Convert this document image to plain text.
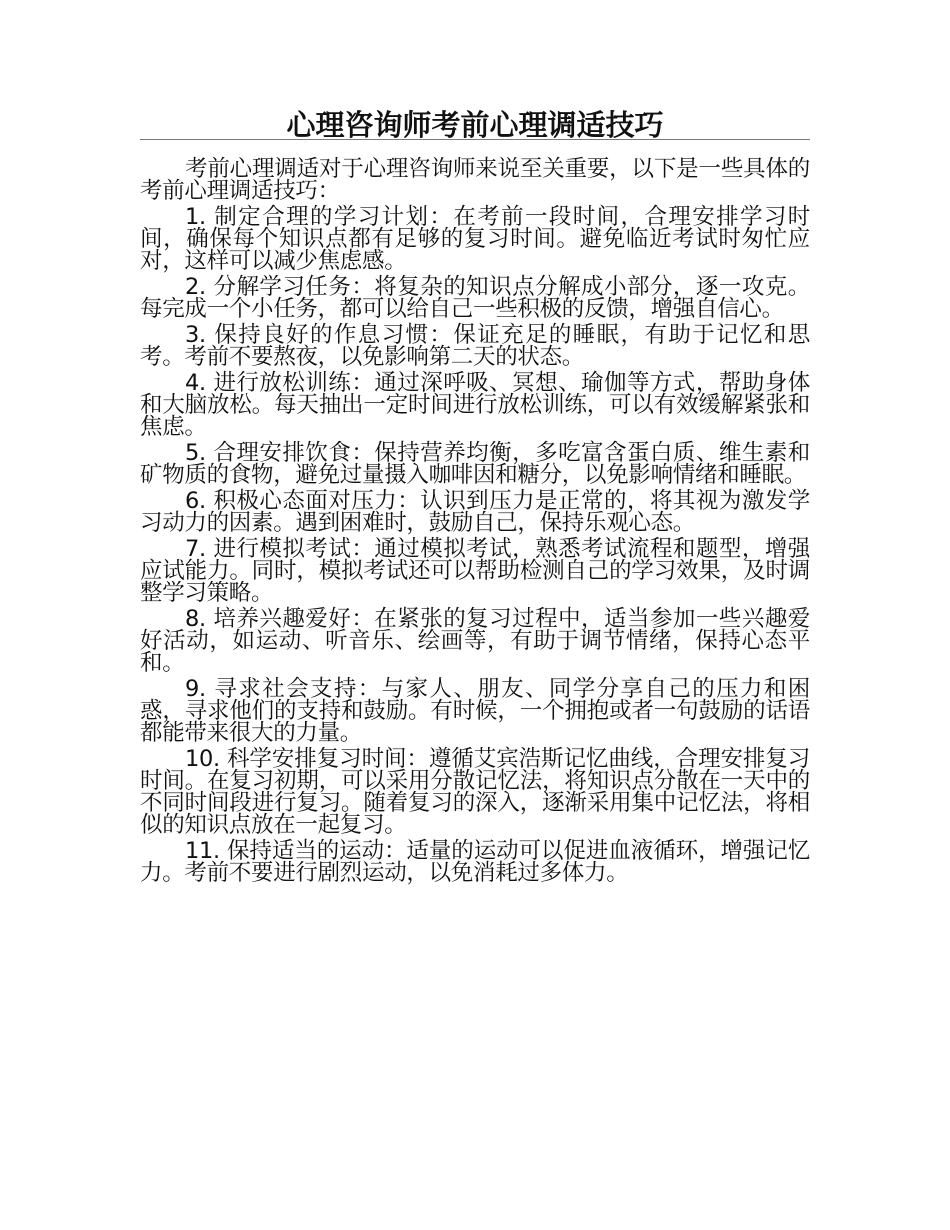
心理咨询师考前心理调适技巧

考前心理调适对于心理咨询师来说至关重要，以下是一些具体的考前心理调适技巧：

1. 制定合理的学习计划：在考前一段时间，合理安排学习时间，确保每个知识点都有足够的复习时间。避免临近考试时匆忙应对，这样可以减少焦虑感。

2. 分解学习任务：将复杂的知识点分解成小部分，逐一攻克。每完成一个小任务，都可以给自己一些积极的反馈，增强自信心。

3. 保持良好的作息习惯：保证充足的睡眠，有助于记忆和思考。考前不要熬夜，以免影响第二天的状态。

4. 进行放松训练：通过深呼吸、冥想、瑜伽等方式，帮助身体和大脑放松。每天抽出一定时间进行放松训练，可以有效缓解紧张和焦虑。

5. 合理安排饮食：保持营养均衡，多吃富含蛋白质、维生素和矿物质的食物，避免过量摄入咖啡因和糖分，以免影响情绪和睡眠。

6. 积极心态面对压力：认识到压力是正常的，将其视为激发学习动力的因素。遇到困难时，鼓励自己，保持乐观心态。

7. 进行模拟考试：通过模拟考试，熟悉考试流程和题型，增强应试能力。同时，模拟考试还可以帮助检测自己的学习效果，及时调整学习策略。

8. 培养兴趣爱好：在紧张的复习过程中，适当参加一些兴趣爱好活动，如运动、听音乐、绘画等，有助于调节情绪，保持心态平和。

9. 寻求社会支持：与家人、朋友、同学分享自己的压力和困惑，寻求他们的支持和鼓励。有时候，一个拥抱或者一句鼓励的话语都能带来很大的力量。

10. 科学安排复习时间：遵循艾宾浩斯记忆曲线，合理安排复习时间。在复习初期，可以采用分散记忆法，将知识点分散在一天中的不同时间段进行复习。随着复习的深入，逐渐采用集中记忆法，将相似的知识点放在一起复习。

11. 保持适当的运动：适量的运动可以促进血液循环，增强记忆力。考前不要进行剧烈运动，以免消耗过多体力。
